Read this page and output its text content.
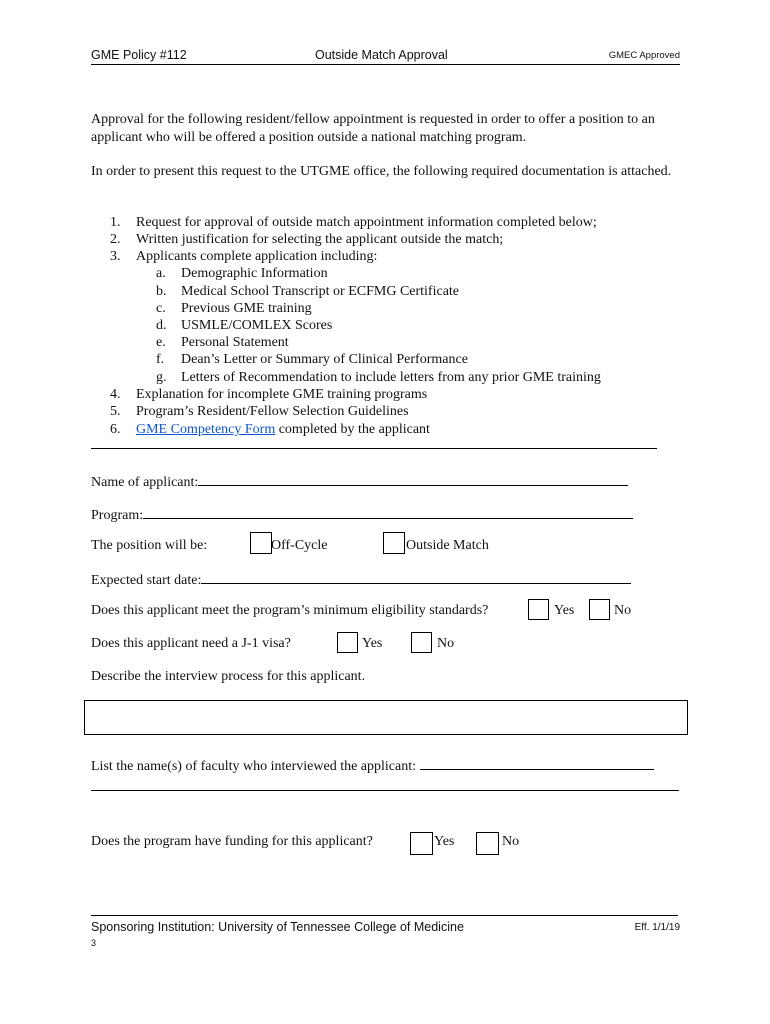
GME Policy #112	Outside Match Approval	GMEC Approved

Approval for the following resident/fellow appointment is requested in order to offer a position to an applicant who will be offered a position outside a national matching program.

In order to present this request to the UTGME office, the following required documentation is attached.

1.	Request for approval of outside match appointment information completed below;
2.	Written justification for selecting the applicant outside the match;
3.	Applicants complete application including:
a.	Demographic Information
b.	Medical School Transcript or ECFMG Certificate
c.	Previous GME training
d.	USMLE/COMLEX Scores
e.	Personal Statement
f.	Dean’s Letter or Summary of Clinical Performance
g.	Letters of Recommendation to include letters from any prior GME training
4.	Explanation for incomplete GME training programs
5.	Program’s Resident/Fellow Selection Guidelines
6.	GME Competency Form completed by the applicant
Name of applicant:
Program:
The position will be:	Off-Cycle	Outside Match
Expected start date:
Does this applicant meet the program’s minimum eligibility standards?	Yes	No
Does this applicant need a J-1 visa?	Yes	No
Describe the interview process for this applicant.
List the name(s) of faculty who interviewed the applicant:
Does the program have funding for this applicant?	Yes	No
Sponsoring Institution: University of Tennessee College of Medicine	Eff. 1/1/19
3
